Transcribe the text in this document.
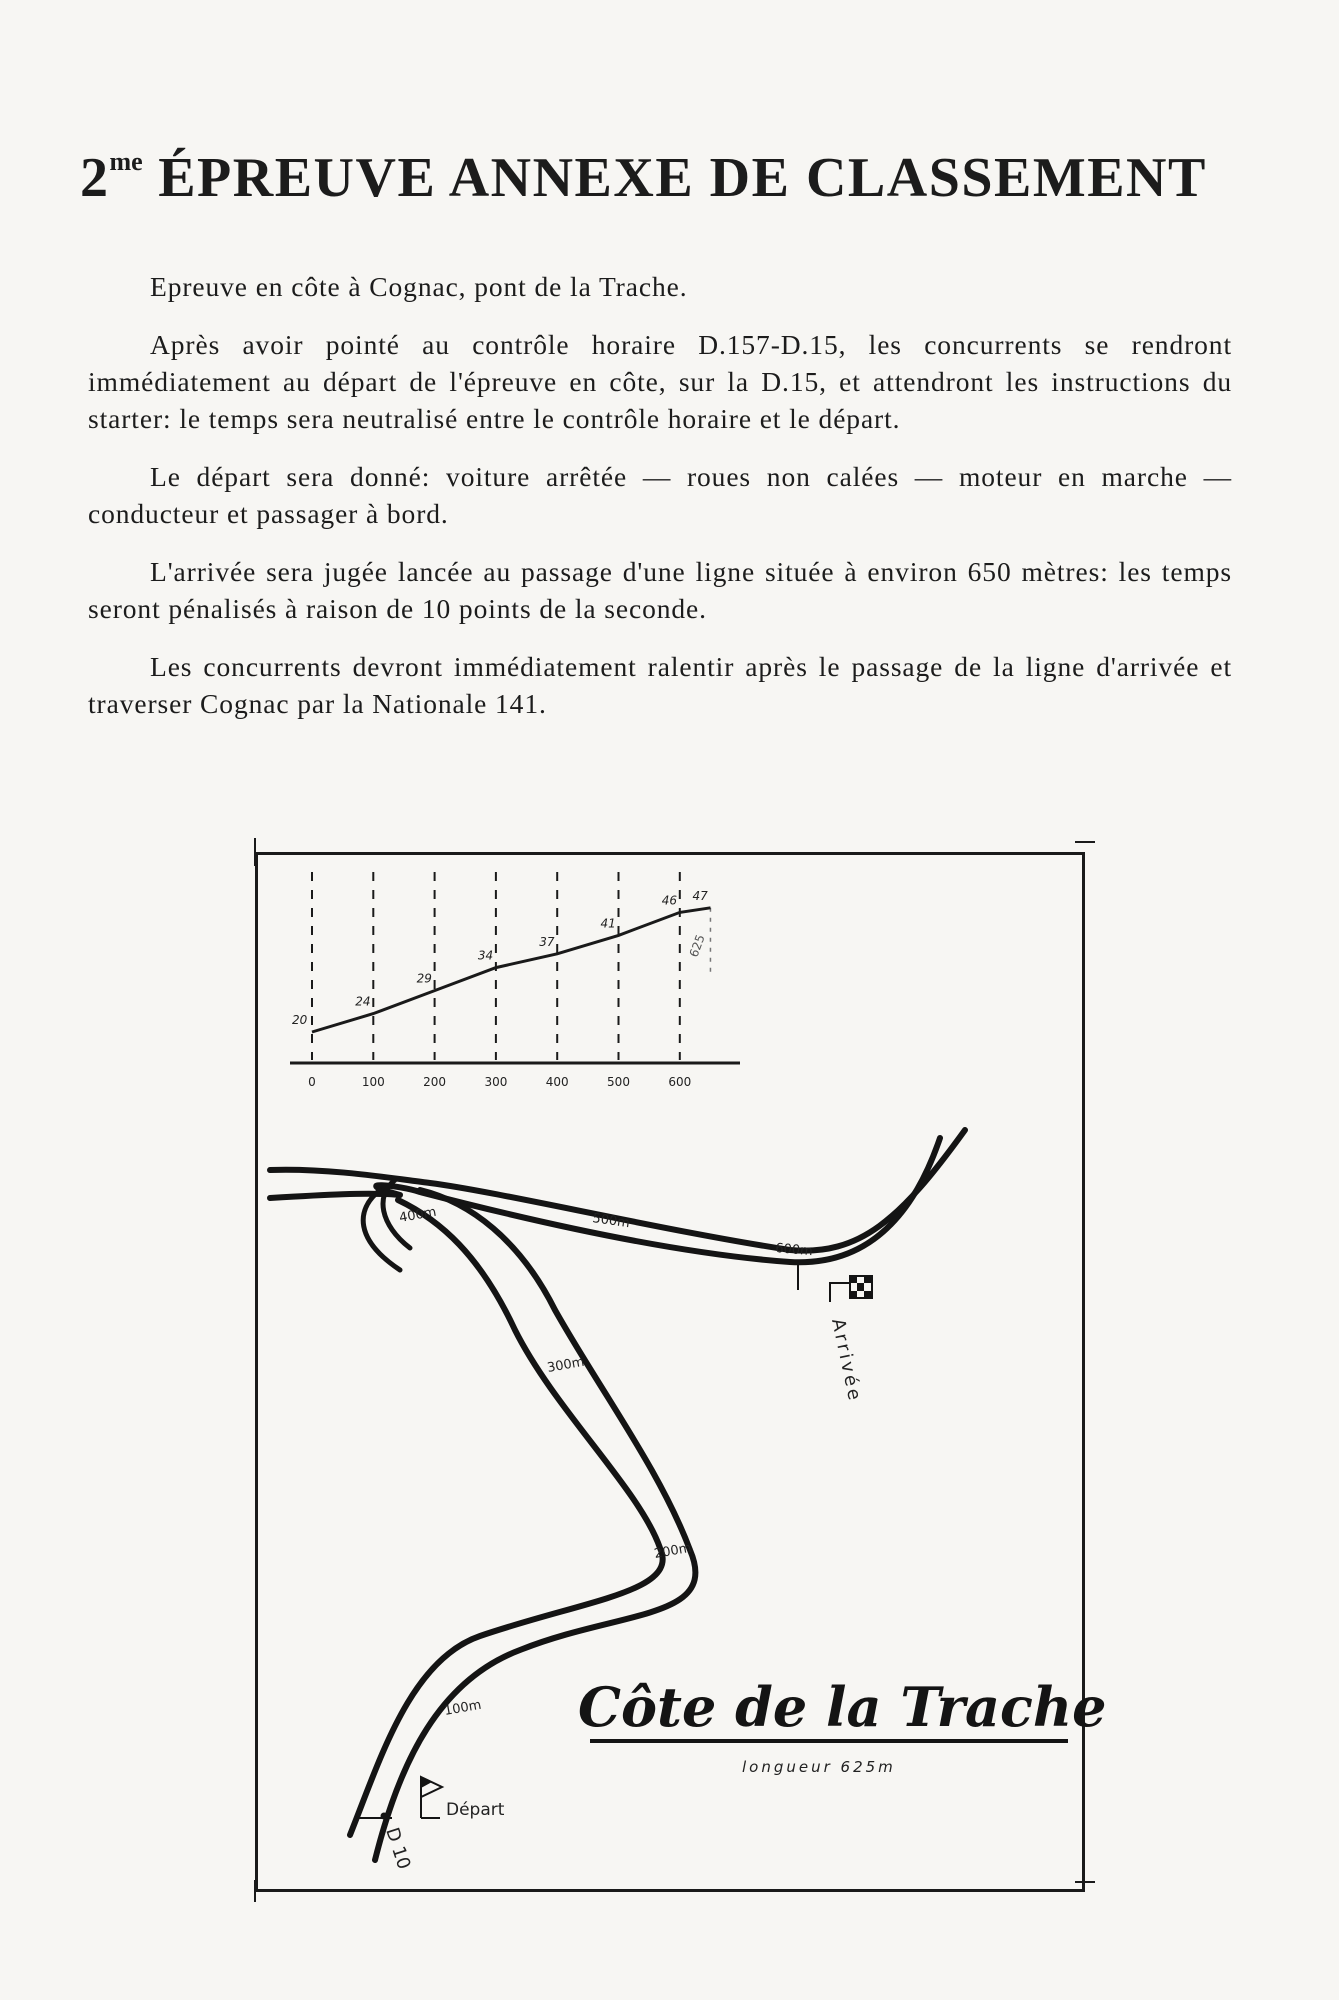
$2^{me}$ ÉPREUVE ANNEXE DE CLASSEMENT

Epreuve en côte à Cognac, pont de la Trache.

Après avoir pointé au contrôle horaire D.157-D.15, les concurrents se rendront immédiatement au départ de l'épreuve en côte, sur la D.15, et attendront les instructions du starter: le temps sera neutralisé entre le contrôle horaire et le départ.

Le départ sera donné: voiture arrêtée — roues non calées — moteur en marche — conducteur et passager à bord.

L'arrivée sera jugée lancée au passage d'une ligne située à environ 650 mètres: les temps seront pénalisés à raison de 10 points de la seconde.

Les concurrents devront immédiatement ralentir après le passage de la ligne d'arrivée et traverser Cognac par la Nationale 141.

20
24
29
34
37
41
46 47
0	100	200	300	400	500	600
625
100m
200m
300m
400m	500m
600m
Arrivée
Départ
D 10
Côte de la Trache
longueur 625m
